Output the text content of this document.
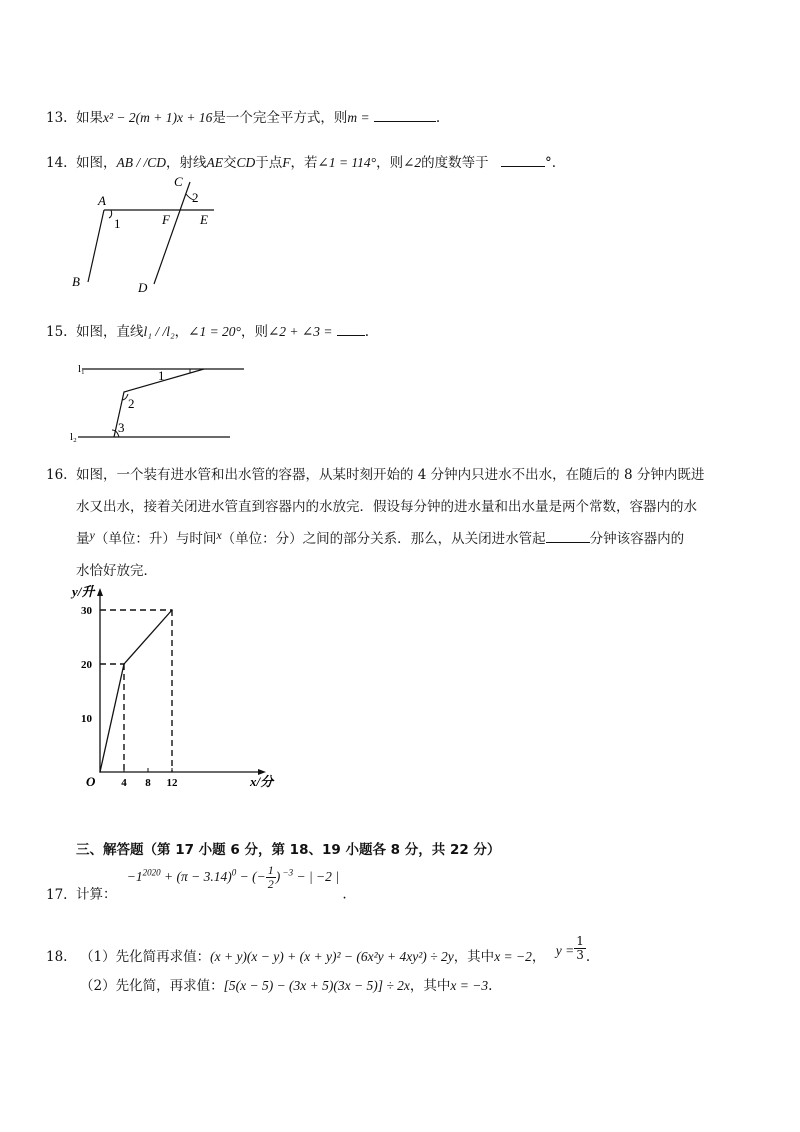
13. 如果x² − 2(m + 1)x + 16是一个完全平方式，则m =	.
14. 如图，AB / /CD，射线AE交CD于点F，若∠1 = 114°，则∠2的度数等于	°.
A
B
C
D
E
F
1
2
15. 如图，直线l₁ / /l₂，∠1 = 20°，则∠2 + ∠3 = .
l₁
l₂
1
2
3
16. 如图，一个装有进水管和出水管的容器，从某时刻开始的 4 分钟内只进水不出水，在随后的 8 分钟内既进
水又出水，接着关闭进水管直到容器内的水放完．假设每分钟的进水量和出水量是两个常数，容器内的水
量y（单位：升）与时间x（单位：分）之间的部分关系．那么，从关闭进水管起	分钟该容器内的
水恰好放完．
y/升
x/分
O 4 8 12
10
20
30
三、解答题（第 17 小题 6 分，第 18、19 小题各 8 分，共 22 分）
17. 计算： $-1^{2020} + (\pi - 3.14)^0$ − (− $\frac{1}{2}$ ) $^{-3}$ − | −2 | .
18. （1）先化简再求值：(x + y)(x − y) + (x + y)² − (6x²y + 4xy²) ÷ 2y，其中x = −2， $y = \frac{1}{3}$ .
（2）先化简，再求值：[5(x − 5) − (3x + 5)(3x − 5)] ÷ 2x，其中x = −3.
